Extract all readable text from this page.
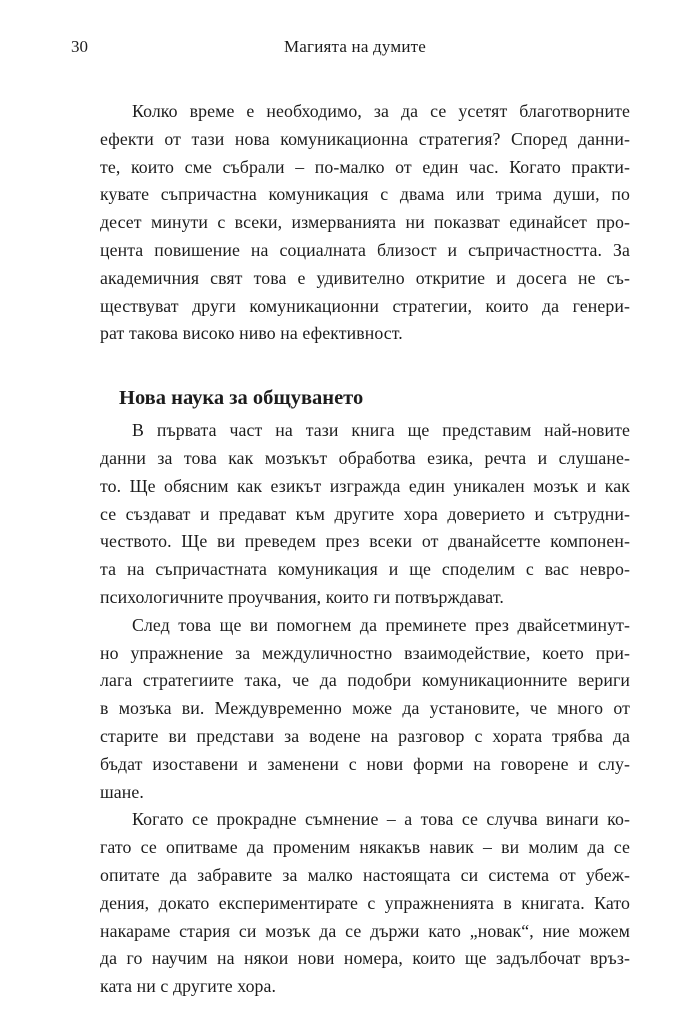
30	Магията на думите
Колко време е необходимо, за да се усетят благотворните
ефекти от тази нова комуникационна стратегия? Според данни-
те, които сме събрали – по-малко от един час. Когато практи-
кувате съпричастна комуникация с двама или трима души, по
десет минути с всеки, измерванията ни показват единайсет про-
цента повишение на социалната близост и съпричастността. За
академичния свят това е удивително откритие и досега не съ-
ществуват други комуникационни стратегии, които да генери-
рат такова високо ниво на ефективност.
Нова наука за общуването
В първата част на тази книга ще представим най-новите
данни за това как мозъкът обработва езика, речта и слушане-
то. Ще обясним как езикът изгражда един уникален мозък и как
се създават и предават към другите хора доверието и сътрудни-
чеството. Ще ви преведем през всеки от дванайсетте компонен-
та на съпричастната комуникация и ще споделим с вас невро-
психологичните проучвания, които ги потвърждават.
След това ще ви помогнем да преминете през двайсетминут-
но упражнение за междуличностно взаимодействие, което при-
лага стратегиите така, че да подобри комуникационните вериги
в мозъка ви. Междувременно може да установите, че много от
старите ви представи за водене на разговор с хората трябва да
бъдат изоставени и заменени с нови форми на говорене и слу-
шане.
Когато се прокрадне съмнение – а това се случва винаги ко-
гато се опитваме да променим някакъв навик – ви молим да се
опитате да забравите за малко настоящата си система от убеж-
дения, докато експериментирате с упражненията в книгата. Като
накараме стария си мозък да се държи като „новак“, ние можем
да го научим на някои нови номера, които ще задълбочат връз-
ката ни с другите хора.
